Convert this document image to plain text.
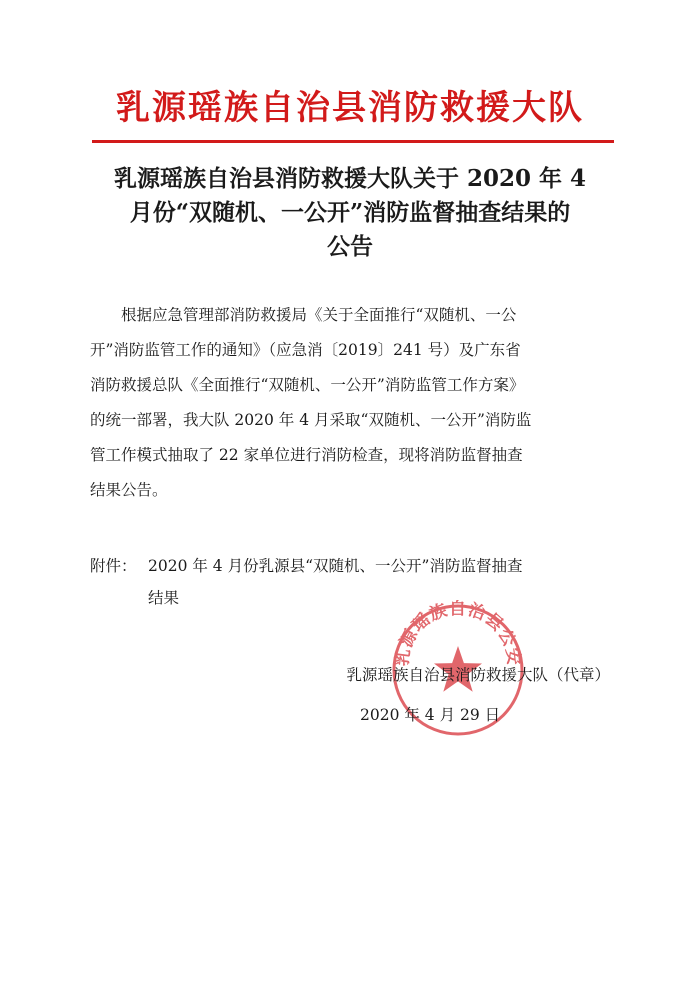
乳源瑶族自治县消防救援大队
乳源瑶族自治县消防救援大队关于 2020 年 4
月份“双随机、一公开”消防监督抽查结果的
公告
根据应急管理部消防救援局《关于全面推行“双随机、一公
开”消防监管工作的通知》（应急消〔2019〕241 号）及广东省
消防救援总队《全面推行“双随机、一公开”消防监管工作方案》
的统一部署，我大队 2020 年 4 月采取“双随机、一公开”消防监
管工作模式抽取了 22 家单位进行消防检查，现将消防监督抽查
结果公告。
附件： 2020 年 4 月份乳源县“双随机、一公开”消防监督抽查
结果
乳源瑶族自治县公安
乳源瑶族自治县消防救援大队（代章）
2020 年 4 月 29 日
